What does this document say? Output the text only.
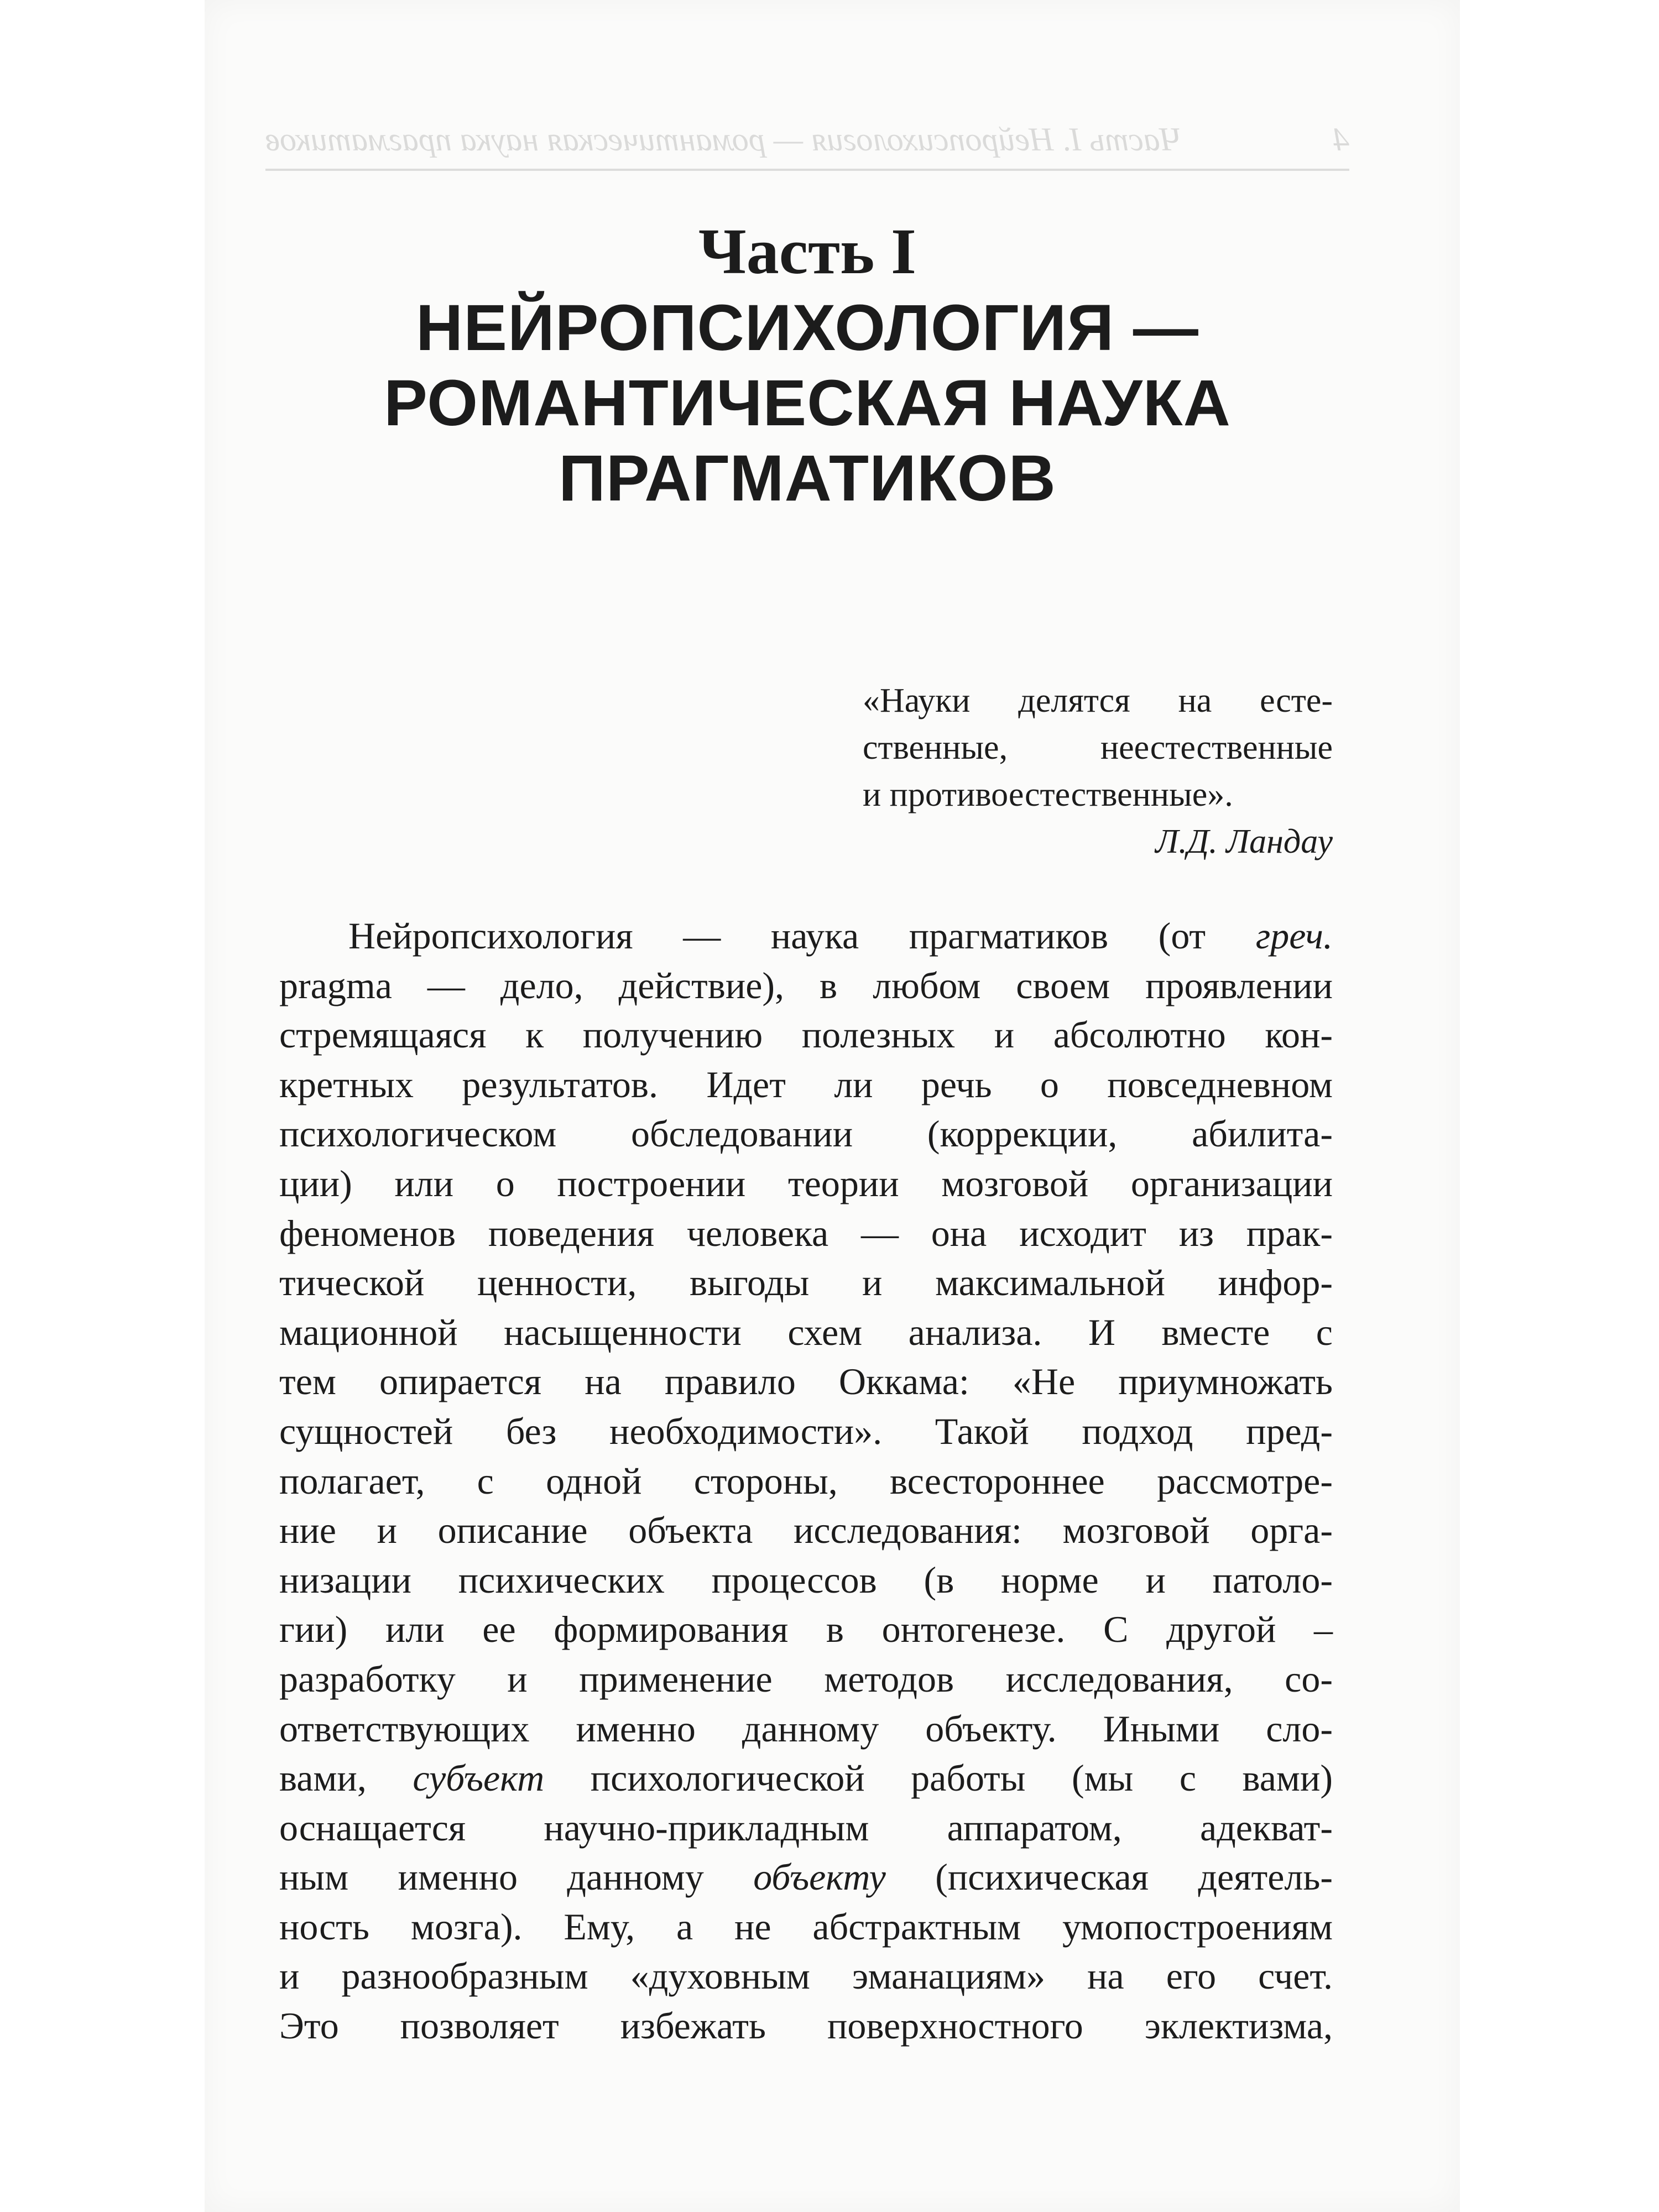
4
Часть I. Нейропсихология — романтическая наука прагматиков
Часть I
НЕЙРОПСИХОЛОГИЯ —
РОМАНТИЧЕСКАЯ НАУКА
ПРАГМАТИКОВ
«Науки делятся на есте-
ственные, неестественные
и противоестественные».
Л.Д. Ландау
Нейропсихология — наука прагматиков (от греч.
pragma — дело, действие), в любом своем проявлении
стремящаяся к получению полезных и абсолютно кон-
кретных результатов. Идет ли речь о повседневном
психологическом обследовании (коррекции, абилита-
ции) или о построении теории мозговой организации
феноменов поведения человека — она исходит из прак-
тической ценности, выгоды и максимальной инфор-
мационной насыщенности схем анализа. И вместе с
тем опирается на правило Оккама: «Не приумножать
сущностей без необходимости». Такой подход пред-
полагает, с одной стороны, всестороннее рассмотре-
ние и описание объекта исследования: мозговой орга-
низации психических процессов (в норме и патоло-
гии) или ее формирования в онтогенезе. С другой –
разработку и применение методов исследования, со-
ответствующих именно данному объекту. Иными сло-
вами, субъект психологической работы (мы с вами)
оснащается научно-прикладным аппаратом, адекват-
ным именно данному объекту (психическая деятель-
ность мозга). Ему, а не абстрактным умопостроениям
и разнообразным «духовным эманациям» на его счет.
Это позволяет избежать поверхностного эклектизма,
